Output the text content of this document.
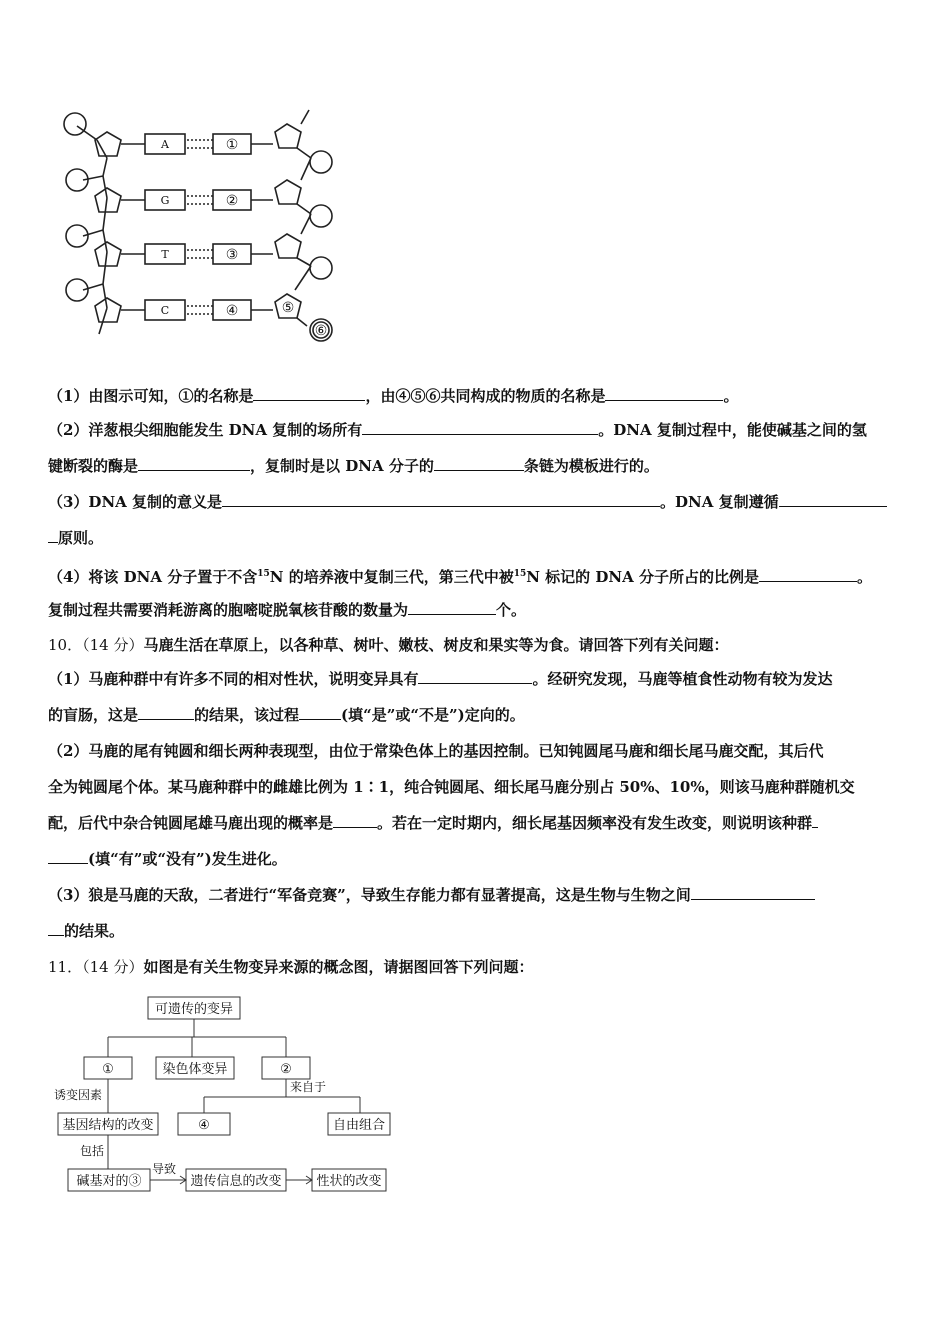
A
G
T
C
①
②
③
④	⑤
⑥
（1）由图示可知，①的名称是	，由④⑤⑥共同构成的物质的名称是	。
（2）洋葱根尖细胞能发生 DNA 复制的场所有	。DNA 复制过程中，能使碱基之间的氢
键断裂的酶是	，复制时是以 DNA 分子的	条链为模板进行的。
（3）DNA 复制的意义是	。DNA 复制遵循
原则。
（4）将该 DNA 分子置于不含$^{15}$N 的培养液中复制三代，第三代中被$^{15}$N 标记的 DNA 分子所占的比例是	。
复制过程共需要消耗游离的胞嘧啶脱氧核苷酸的数量为	个。
10．（14 分）马鹿生活在草原上，以各种草、树叶、嫩枝、树皮和果实等为食。请回答下列有关问题：
（1）马鹿种群中有许多不同的相对性状，说明变异具有	。经研究发现，马鹿等植食性动物有较为发达
的盲肠，这是	的结果，该过程	(填“是”或“不是”)定向的。
（2）马鹿的尾有钝圆和细长两种表现型，由位于常染色体上的基因控制。已知钝圆尾马鹿和细长尾马鹿交配，其后代
全为钝圆尾个体。某马鹿种群中的雌雄比例为 1∶1，纯合钝圆尾、细长尾马鹿分别占 50%、10%，则该马鹿种群随机交
配，后代中杂合钝圆尾雄马鹿出现的概率是	。若在一定时期内，细长尾基因频率没有发生改变，则说明该种群
(填“有”或“没有”)发生进化。
（3）狼是马鹿的天敌，二者进行“军备竞赛”，导致生存能力都有显著提高，这是生物与生物之间
的结果。
11．（14 分）如图是有关生物变异来源的概念图，请据图回答下列问题：
可遗传的变异
①	染色体变异	②
基因结构的改变	④	自由组合
碱基对的③	遗传信息的改变	性状的改变
诱变因素
来自于
包括
导致
